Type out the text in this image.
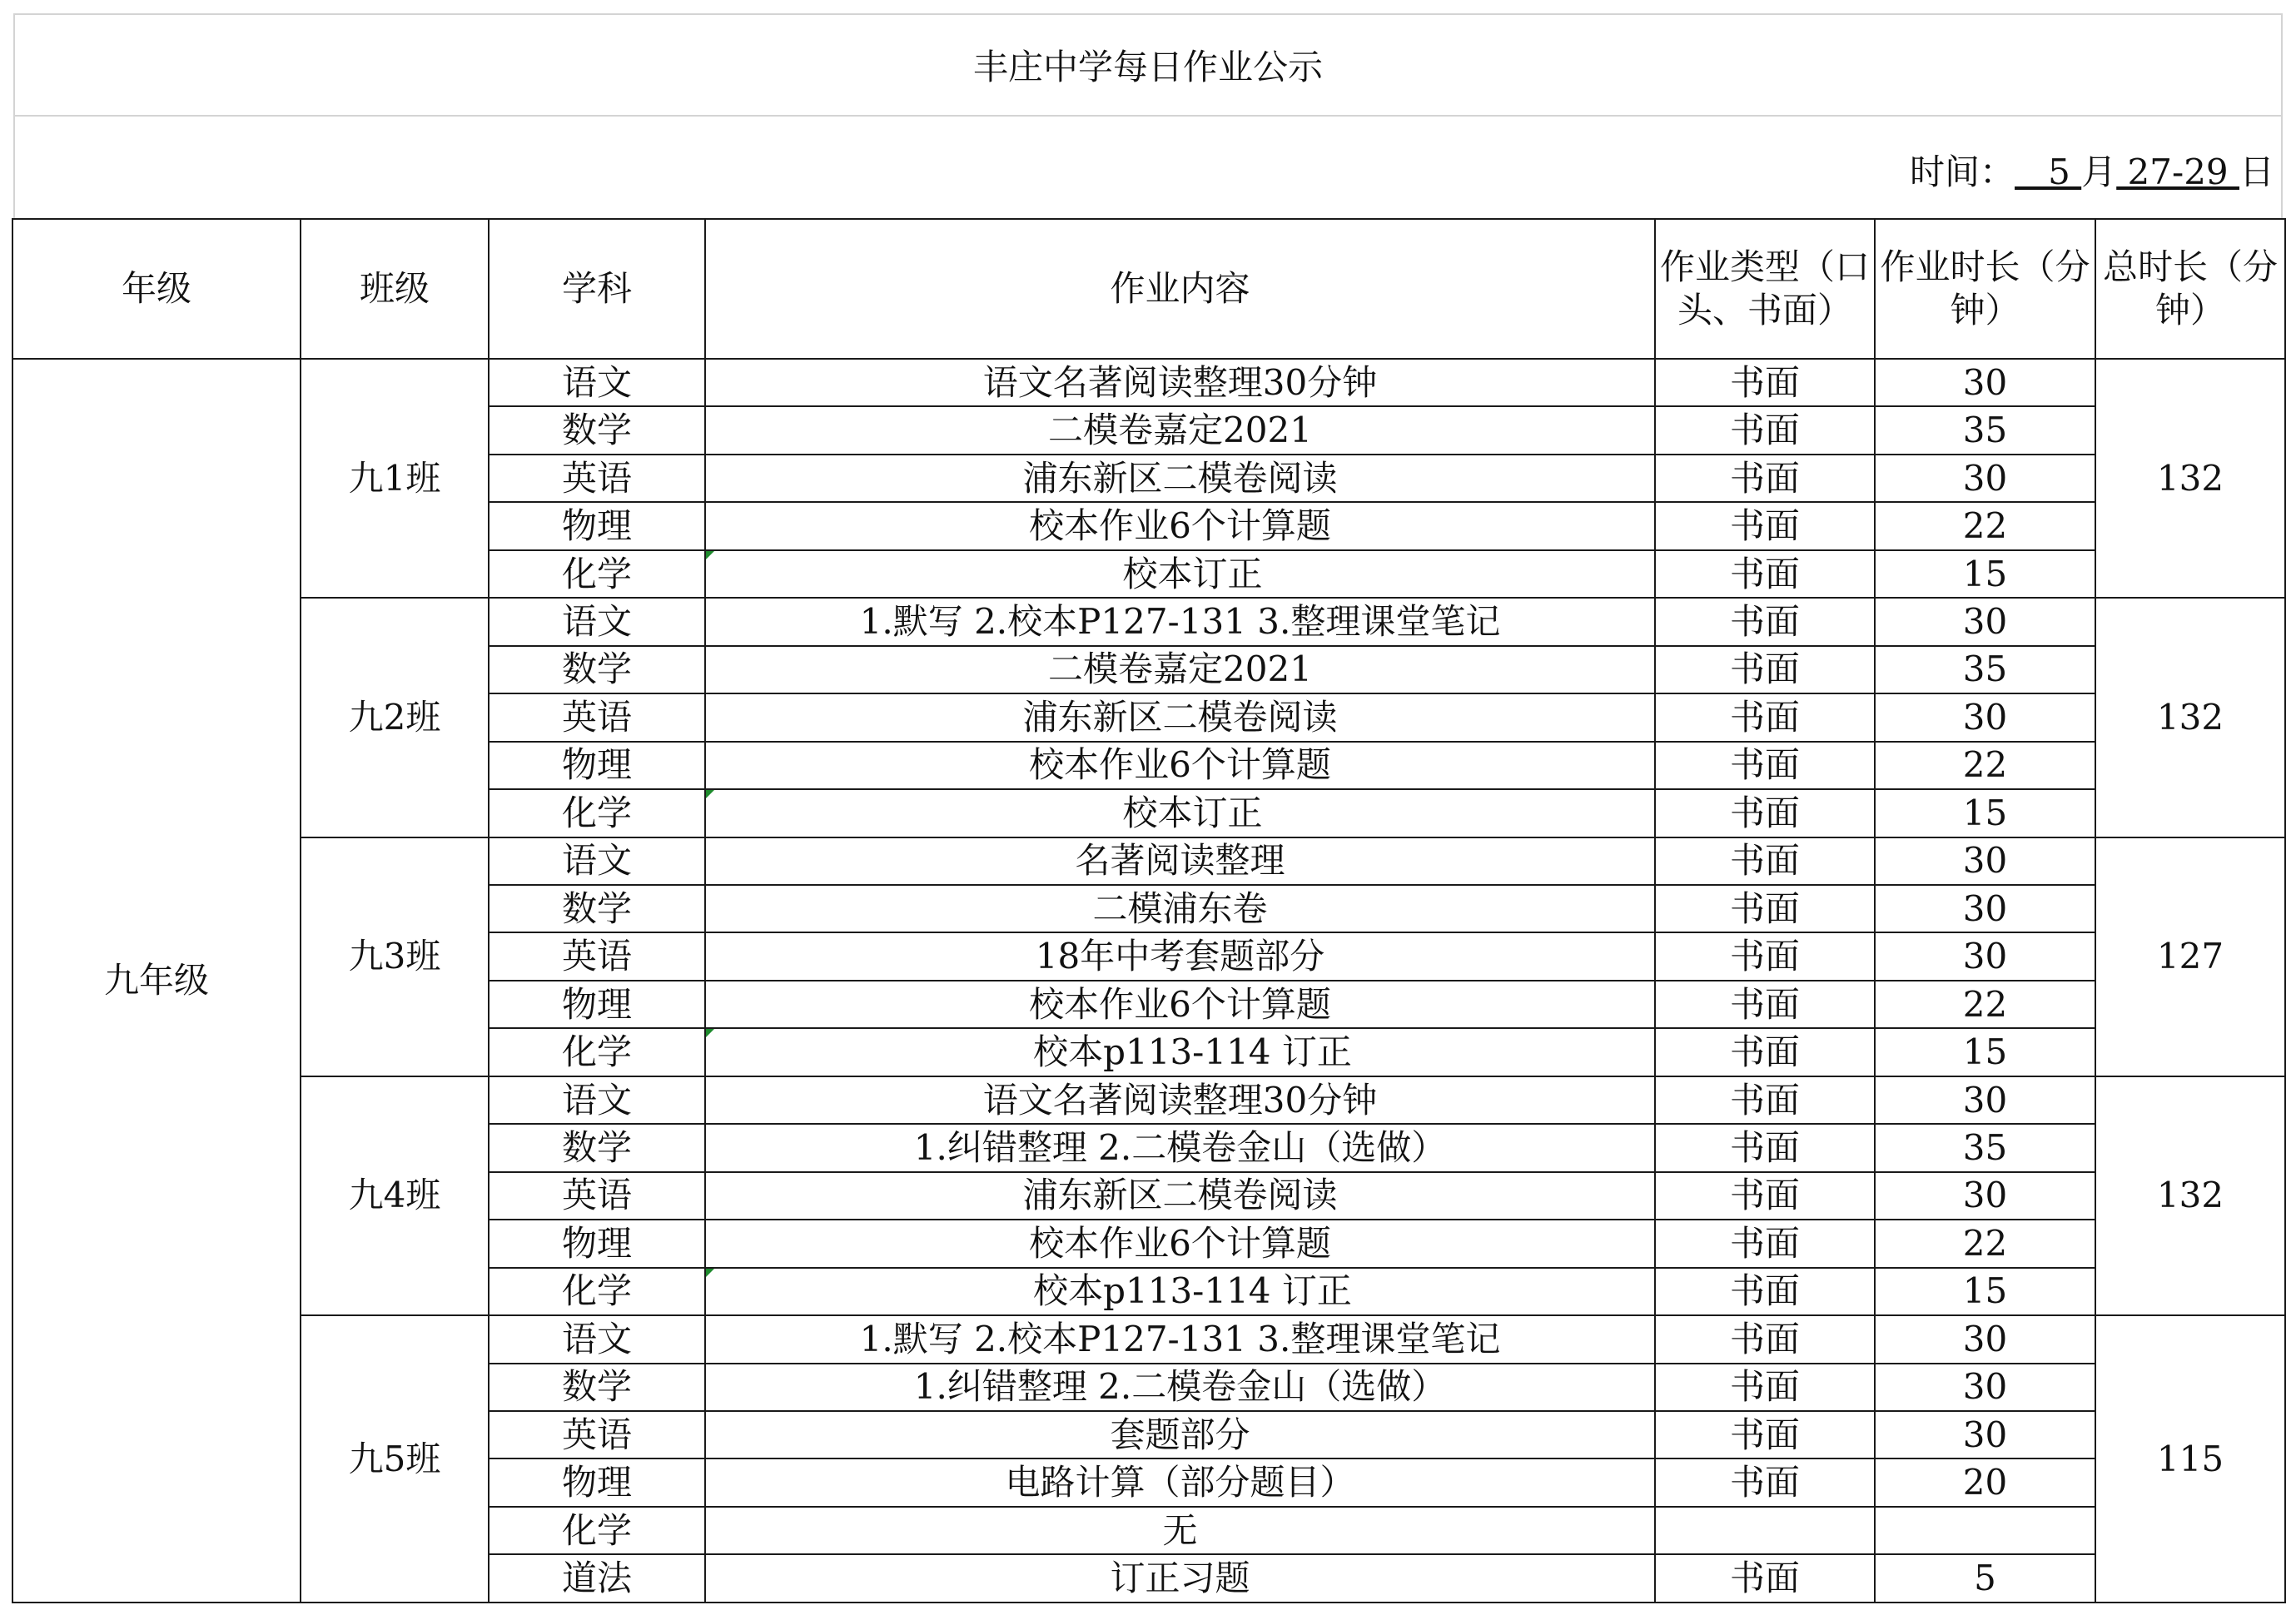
丰庄中学每日作业公示
时间：   5 月 27-29 日
年级	班级	学科	作业内容	作业类型（口头、书面）	作业时长（分钟）	总时长（分钟）
九年级	九1班	语文	语文名著阅读整理30分钟	书面	30	132
		数学	二模卷嘉定2021	书面	35	
		英语	浦东新区二模卷阅读	书面	30	
		物理	校本作业6个计算题	书面	22	
		化学	校本订正	书面	15	
	九2班	语文	1.默写 2.校本P127-131 3.整理课堂笔记	书面	30	132
		数学	二模卷嘉定2021	书面	35	
		英语	浦东新区二模卷阅读	书面	30	
		物理	校本作业6个计算题	书面	22	
		化学	校本订正	书面	15	
	九3班	语文	名著阅读整理	书面	30	127
		数学	二模浦东卷	书面	30	
		英语	18年中考套题部分	书面	30	
		物理	校本作业6个计算题	书面	22	
		化学	校本p113-114 订正	书面	15	
	九4班	语文	语文名著阅读整理30分钟	书面	30	132
		数学	1.纠错整理 2.二模卷金山（选做）	书面	35	
		英语	浦东新区二模卷阅读	书面	30	
		物理	校本作业6个计算题	书面	22	
		化学	校本p113-114 订正	书面	15	
	九5班	语文	1.默写 2.校本P127-131 3.整理课堂笔记	书面	30	115
		数学	1.纠错整理 2.二模卷金山（选做）	书面	30	
		英语	套题部分	书面	30	
		物理	电路计算（部分题目）	书面	20	
		化学	无			
		道法	订正习题	书面	5	
